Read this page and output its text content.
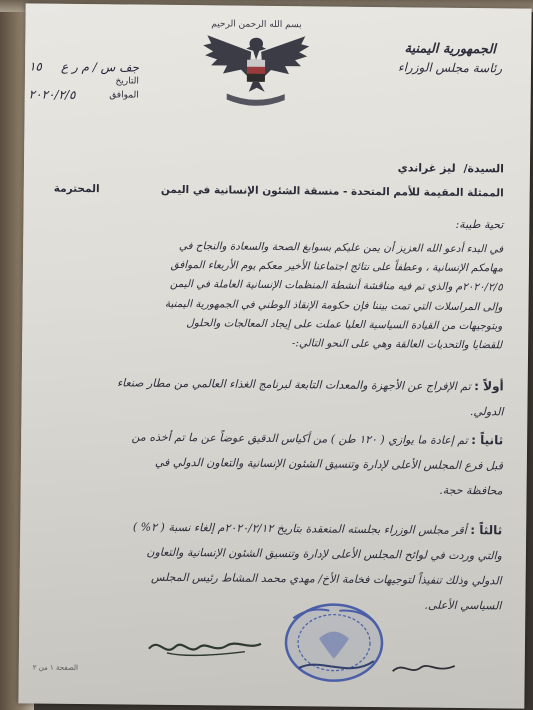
الجمهورية اليمنية
رئاسة مجلس الوزراء
بسم الله الرحمن الرحيم
جف س / م ر ع
١٥
التاريخ
الموافق
٢٠٢٠/٢/٥
السيدة/ ليز غراندي
الممثلة المقيمة للأمم المتحدة - منسقة الشئون الإنسانية في اليمن
المحترمة
تحية طيبة:

في البدء أدعو الله العزيز أن يمن عليكم بسوابغ الصحة والسعادة والنجاح في

مهامكم الإنسانية ، وعطفاً على نتائج اجتماعنا الأخير معكم يوم الأربعاء الموافق

٢٠٢٠/٢/٥م والذي تم فيه مناقشة أنشطة المنظمات الإنسانية العاملة في اليمن

وإلى المراسلات التي تمت بيننا فإن حكومة الإنقاذ الوطني في الجمهورية اليمنية

وبتوجيهات من القيادة السياسية العليا عملت على إيجاد المعالجات والحلول

للقضايا والتحديات العالقة وهي على النحو التالي:-

أولاً : تم الإفراج عن الأجهزة والمعدات التابعة لبرنامج الغذاء العالمي من مطار صنعاء

الدولي.

ثانياً : تم إعادة ما يوازي ( ١٢٠ طن ) من أكياس الدقيق عوضاً عن ما تم أخذه من

قبل فرع المجلس الأعلى لإدارة وتنسيق الشئون الإنسانية والتعاون الدولي في

محافظة حجة.

ثالثاً : أقر مجلس الوزراء بجلسته المنعقدة بتاريخ ٢٠٢٠/٢/١٢م إلغاء نسبة ( ٢% )

والتي وردت في لوائح المجلس الأعلى لإدارة وتنسيق الشئون الإنسانية والتعاون

الدولي وذلك تنفيذاً لتوجيهات فخامة الأخ/ مهدي محمد المشاط رئيس المجلس

السياسي الأعلى.

الصفحة ١ من ٢
